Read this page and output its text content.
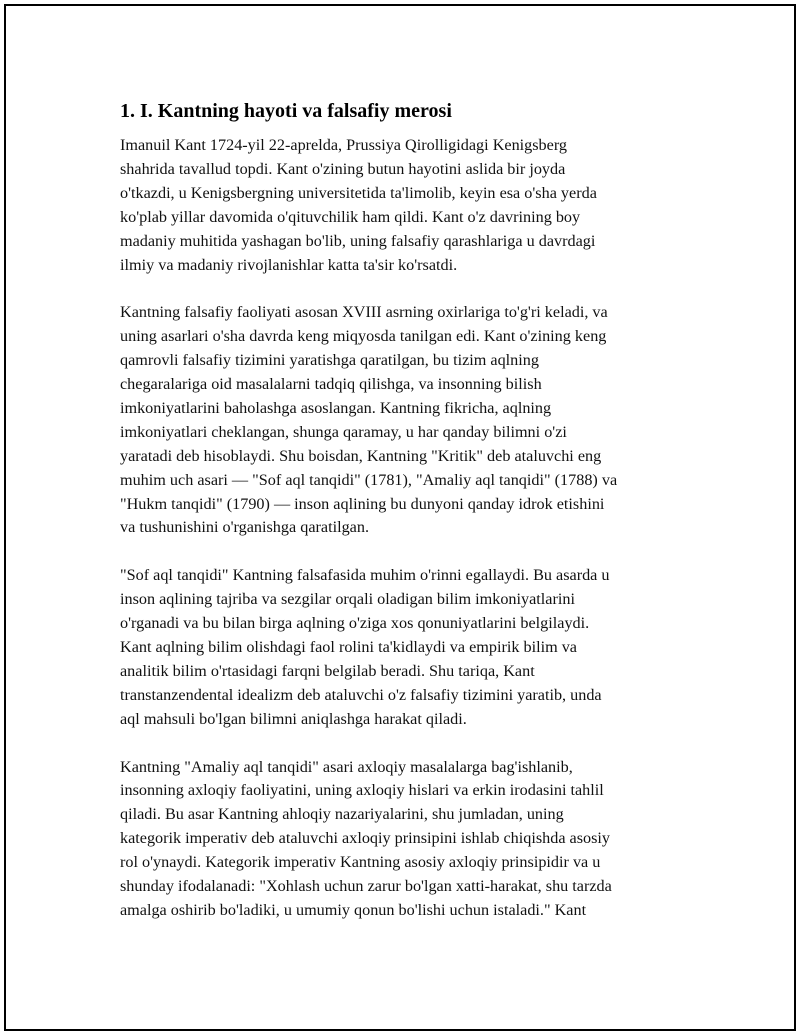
1. I. Kantning hayoti va falsafiy merosi

Imanuil Kant 1724-yil 22-aprelda, Prussiya Qirolligidagi Kenigsberg
shahrida tavallud topdi. Kant o'zining butun hayotini aslida bir joyda
o'tkazdi, u Kenigsbergning universitetida ta'limolib, keyin esa o'sha yerda
ko'plab yillar davomida o'qituvchilik ham qildi. Kant o'z davrining boy
madaniy muhitida yashagan bo'lib, uning falsafiy qarashlariga u davrdagi
ilmiy va madaniy rivojlanishlar katta ta'sir ko'rsatdi.

Kantning falsafiy faoliyati asosan XVIII asrning oxirlariga to'g'ri keladi, va
uning asarlari o'sha davrda keng miqyosda tanilgan edi. Kant o'zining keng
qamrovli falsafiy tizimini yaratishga qaratilgan, bu tizim aqlning
chegaralariga oid masalalarni tadqiq qilishga, va insonning bilish
imkoniyatlarini baholashga asoslangan. Kantning fikricha, aqlning
imkoniyatlari cheklangan, shunga qaramay, u har qanday bilimni o'zi
yaratadi deb hisoblaydi. Shu boisdan, Kantning "Kritik" deb ataluvchi eng
muhim uch asari — "Sof aql tanqidi" (1781), "Amaliy aql tanqidi" (1788) va
"Hukm tanqidi" (1790) — inson aqlining bu dunyoni qanday idrok etishini
va tushunishini o'rganishga qaratilgan.

"Sof aql tanqidi" Kantning falsafasida muhim o'rinni egallaydi. Bu asarda u
inson aqlining tajriba va sezgilar orqali oladigan bilim imkoniyatlarini
o'rganadi va bu bilan birga aqlning o'ziga xos qonuniyatlarini belgilaydi.
Kant aqlning bilim olishdagi faol rolini ta'kidlaydi va empirik bilim va
analitik bilim o'rtasidagi farqni belgilab beradi. Shu tariqa, Kant
transtanzendental idealizm deb ataluvchi o'z falsafiy tizimini yaratib, unda
aql mahsuli bo'lgan bilimni aniqlashga harakat qiladi.

Kantning "Amaliy aql tanqidi" asari axloqiy masalalarga bag'ishlanib,
insonning axloqiy faoliyatini, uning axloqiy hislari va erkin irodasini tahlil
qiladi. Bu asar Kantning ahloqiy nazariyalarini, shu jumladan, uning
kategorik imperativ deb ataluvchi axloqiy prinsipini ishlab chiqishda asosiy
rol o'ynaydi. Kategorik imperativ Kantning asosiy axloqiy prinsipidir va u
shunday ifodalanadi: "Xohlash uchun zarur bo'lgan xatti-harakat, shu tarzda
amalga oshirib bo'ladiki, u umumiy qonun bo'lishi uchun istaladi." Kant
